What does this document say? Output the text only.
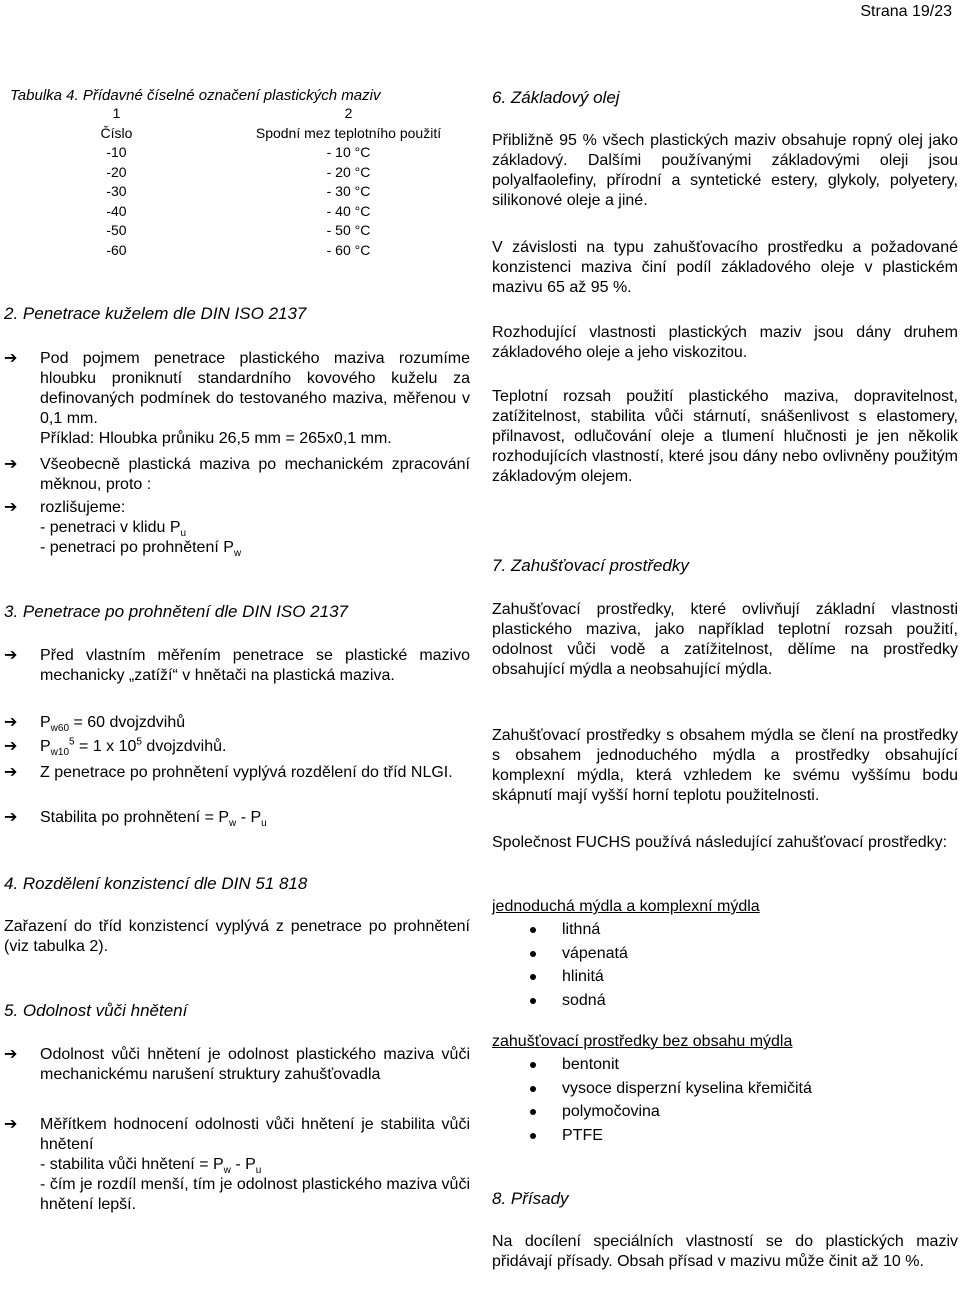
Strana 19/23
Tabulka 4. Přídavné číselné označení plastických maziv
1	2
Číslo	Spodní mez teplotního použití
-10	- 10 °C
-20	- 20 °C
-30	- 30 °C
-40	- 40 °C
-50	- 50 °C
-60	- 60 °C
2. Penetrace kuželem dle DIN ISO 2137
➔	Pod pojmem penetrace plastického maziva rozumíme hloubku proniknutí standardního kovového kuželu za definovaných podmínek do testovaného maziva, měřenou v 0,1 mm.
Příklad: Hloubka průniku 26,5 mm = 265x0,1 mm.
➔	Všeobecně plastická maziva po mechanickém zpracování měknou, proto :
➔	rozlišujeme:
- penetraci v klidu $P_u$
- penetraci po prohnětení $P_w$
3. Penetrace po prohnětení dle DIN ISO 2137
➔	Před vlastním měřením penetrace se plastické mazivo mechanicky „zatíží“ v hnětači na plastická maziva.
➔	$P_{w60} = 60$ dvojzdvihů
➔	$P_{w10}^5 = 1$ x $10^5$ dvojzdvihů.
➔	Z penetrace po prohnětení vyplývá rozdělení do tříd NLGI.
➔	Stabilita po prohnětení = $P_w - P_u$
4. Rozdělení konzistencí dle DIN 51 818
Zařazení do tříd konzistencí vyplývá z penetrace po prohnětení (viz tabulka 2).
5. Odolnost vůči hnětení
➔	Odolnost vůči hnětení je odolnost plastického maziva vůči mechanickému narušení struktury zahušťovadla
➔	Měřítkem hodnocení odolnosti vůči hnětení je stabilita vůči hnětení
- stabilita vůči hnětení = $P_w - P_u$
- čím je rozdíl menší, tím je odolnost plastického maziva vůči hnětení lepší.
6. Základový olej
Přibližně 95 % všech plastických maziv obsahuje ropný olej jako základový. Dalšími používanými základovými oleji jsou polyalfaolefiny, přírodní a syntetické estery, glykoly, polyetery, silikonové oleje a jiné.
V závislosti na typu zahušťovacího prostředku a požadované konzistenci maziva činí podíl základového oleje v plastickém mazivu 65 až 95 %.
Rozhodující vlastnosti plastických maziv jsou dány druhem základového oleje a jeho viskozitou.
Teplotní rozsah použití plastického maziva, dopravitelnost, zatížitelnost, stabilita vůči stárnutí, snášenlivost s elastomery, přilnavost, odlučování oleje a tlumení hlučnosti je jen několik rozhodujících vlastností, které jsou dány nebo ovlivněny použitým základovým olejem.
7. Zahušťovací prostředky
Zahušťovací prostředky, které ovlivňují základní vlastnosti plastického maziva, jako například teplotní rozsah použití, odolnost vůči vodě a zatížitelnost, dělíme na prostředky obsahující mýdla a neobsahující mýdla.
Zahušťovací prostředky s obsahem mýdla se člení na prostředky s obsahem jednoduchého mýdla a prostředky obsahující komplexní mýdla, která vzhledem ke svému vyššímu bodu skápnutí mají vyšší horní teplotu použitelnosti.
Společnost FUCHS používá následující zahušťovací prostředky:
jednoduchá mýdla a komplexní mýdla
lithná
vápenatá
hlinitá
sodná
zahušťovací prostředky bez obsahu mýdla
bentonit
vysoce disperzní kyselina křemičitá
polymočovina
PTFE
8. Přísady
Na docílení speciálních vlastností se do plastických maziv přidávají přísady. Obsah přísad v mazivu může činit až 10 %.
